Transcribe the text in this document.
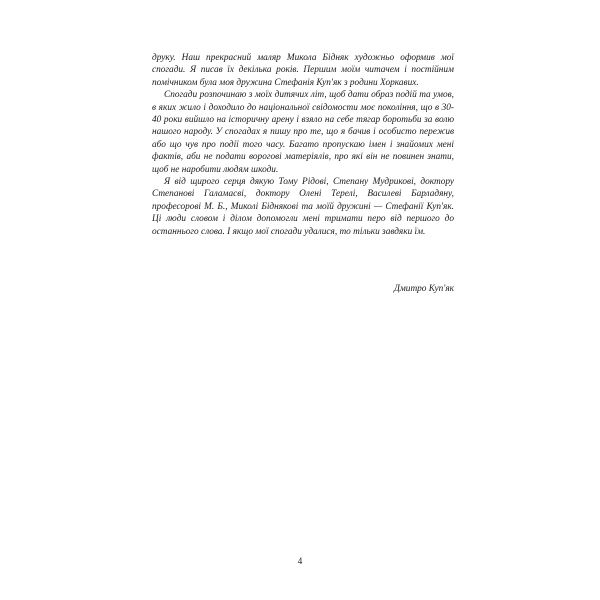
друку. Наш прекрасний маляр Микола Бідняк художньо оформив мої спогади. Я писав їх декілька років. Першим моїм читачем і постійним помічником була моя дружина Стефанія Куп'як з родини Хоркавих.

Спогади розпочинаю з моїх дитячих літ, щоб дати образ подій та умов, в яких жило і доходило до національної свідомости моє покоління, що в 30-40 роки вийшло на історичну арену і взяло на себе тягар боротьби за волю нашого народу. У спогадах я пишу про те, що я бачив і особисто пережив або що чув про події того часу. Багато пропускаю імен і знайомих мені фактів, аби не подати ворогові матеріялів, про які він не повинен знати, щоб не наробити людям шкоди.

Я від щирого серця дякую Тому Рідові, Степану Мудрикові, доктору Степанові Галамасві, доктору Олені Терелі, Василеві Барладяну, професорові М. Б., Миколі Біднякові та моїй дружині — Стефанії Куп'як. Ці люди словом і ділом допомогли мені тримати перо від першого до останнього слова. І якщо мої спогади удалися, то тільки завдяки їм.

Дмитро Куп'як
4
